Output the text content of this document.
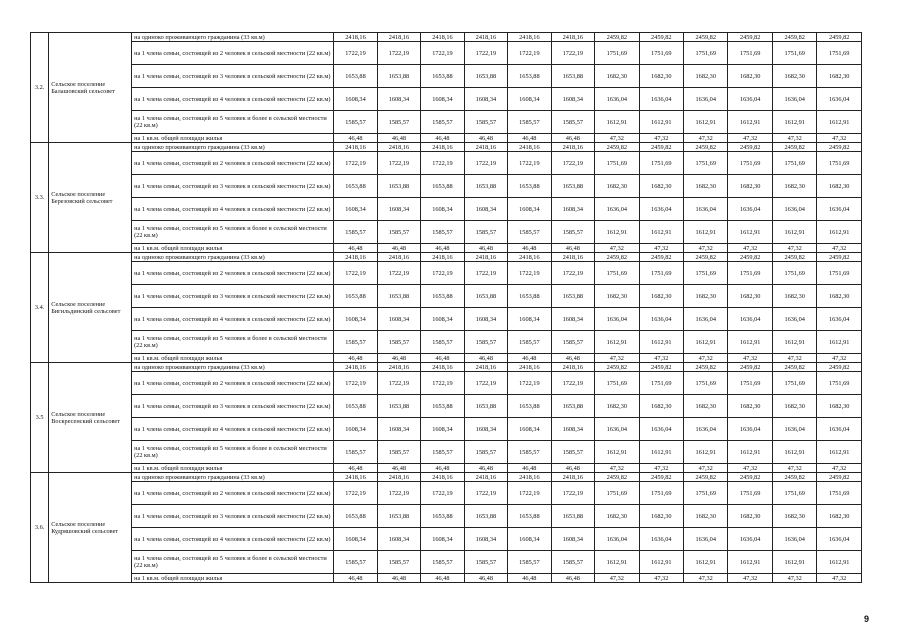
3.2.	Сельское поселение Балашовский сельсовет	на одиноко проживающего гражданина (33 кв.м)	2418,16	2418,16	2418,16	2418,16	2418,16	2418,16	2459,82	2459,82	2459,82	2459,82	2459,82	2459,82
		на 1 члена семьи, состоящей из 2 человек в сельской местности (22 кв.м)	1722,19	1722,19	1722,19	1722,19	1722,19	1722,19	1751,69	1751,69	1751,69	1751,69	1751,69	1751,69
		на 1 члена семьи, состоящей из 3 человек в сельской местности (22 кв.м)	1653,88	1653,88	1653,88	1653,88	1653,88	1653,88	1682,30	1682,30	1682,30	1682,30	1682,30	1682,30
		на 1 члена семьи, состоящей из 4 человек в сельской местности (22 кв.м)	1608,34	1608,34	1608,34	1608,34	1608,34	1608,34	1636,04	1636,04	1636,04	1636,04	1636,04	1636,04
		на 1 члена семьи, состоящей из 5 человек и более в сельской местности (22 кв.м)	1585,57	1585,57	1585,57	1585,57	1585,57	1585,57	1612,91	1612,91	1612,91	1612,91	1612,91	1612,91
		на 1 кв.м. общей площади жилья	46,48	46,48	46,48	46,48	46,48	46,48	47,32	47,32	47,32	47,32	47,32	47,32
3.3.	Сельское поселение Березовский сельсовет	на одиноко проживающего гражданина (33 кв.м)	2418,16	2418,16	2418,16	2418,16	2418,16	2418,16	2459,82	2459,82	2459,82	2459,82	2459,82	2459,82
		на 1 члена семьи, состоящей из 2 человек в сельской местности (22 кв.м)	1722,19	1722,19	1722,19	1722,19	1722,19	1722,19	1751,69	1751,69	1751,69	1751,69	1751,69	1751,69
		на 1 члена семьи, состоящей из 3 человек в сельской местности (22 кв.м)	1653,88	1653,88	1653,88	1653,88	1653,88	1653,88	1682,30	1682,30	1682,30	1682,30	1682,30	1682,30
		на 1 члена семьи, состоящей из 4 человек в сельской местности (22 кв.м)	1608,34	1608,34	1608,34	1608,34	1608,34	1608,34	1636,04	1636,04	1636,04	1636,04	1636,04	1636,04
		на 1 члена семьи, состоящей из 5 человек и более в сельской местности (22 кв.м)	1585,57	1585,57	1585,57	1585,57	1585,57	1585,57	1612,91	1612,91	1612,91	1612,91	1612,91	1612,91
		на 1 кв.м. общей площади жилья	46,48	46,48	46,48	46,48	46,48	46,48	47,32	47,32	47,32	47,32	47,32	47,32
3.4.	Сельское поселение Бигильдинский сельсовет	на одиноко проживающего гражданина (33 кв.м)	2418,16	2418,16	2418,16	2418,16	2418,16	2418,16	2459,82	2459,82	2459,82	2459,82	2459,82	2459,82
		на 1 члена семьи, состоящей из 2 человек в сельской местности (22 кв.м)	1722,19	1722,19	1722,19	1722,19	1722,19	1722,19	1751,69	1751,69	1751,69	1751,69	1751,69	1751,69
		на 1 члена семьи, состоящей из 3 человек в сельской местности (22 кв.м)	1653,88	1653,88	1653,88	1653,88	1653,88	1653,88	1682,30	1682,30	1682,30	1682,30	1682,30	1682,30
		на 1 члена семьи, состоящей из 4 человек в сельской местности (22 кв.м)	1608,34	1608,34	1608,34	1608,34	1608,34	1608,34	1636,04	1636,04	1636,04	1636,04	1636,04	1636,04
		на 1 члена семьи, состоящей из 5 человек и более в сельской местности (22 кв.м)	1585,57	1585,57	1585,57	1585,57	1585,57	1585,57	1612,91	1612,91	1612,91	1612,91	1612,91	1612,91
		на 1 кв.м. общей площади жилья	46,48	46,48	46,48	46,48	46,48	46,48	47,32	47,32	47,32	47,32	47,32	47,32
3.5	Сельское поселение Воскресенский сельсовет	на одиноко проживающего гражданина (33 кв.м)	2418,16	2418,16	2418,16	2418,16	2418,16	2418,16	2459,82	2459,82	2459,82	2459,82	2459,82	2459,82
		на 1 члена семьи, состоящей из 2 человек в сельской местности (22 кв.м)	1722,19	1722,19	1722,19	1722,19	1722,19	1722,19	1751,69	1751,69	1751,69	1751,69	1751,69	1751,69
		на 1 члена семьи, состоящей из 3 человек в сельской местности (22 кв.м)	1653,88	1653,88	1653,88	1653,88	1653,88	1653,88	1682,30	1682,30	1682,30	1682,30	1682,30	1682,30
		на 1 члена семьи, состоящей из 4 человек в сельской местности (22 кв.м)	1608,34	1608,34	1608,34	1608,34	1608,34	1608,34	1636,04	1636,04	1636,04	1636,04	1636,04	1636,04
		на 1 члена семьи, состоящей из 5 человек и более в сельской местности (22 кв.м)	1585,57	1585,57	1585,57	1585,57	1585,57	1585,57	1612,91	1612,91	1612,91	1612,91	1612,91	1612,91
		на 1 кв.м. общей площади жилья	46,48	46,48	46,48	46,48	46,48	46,48	47,32	47,32	47,32	47,32	47,32	47,32
3.6.	Сельское поселение Кудряшовский сельсовет	на одиноко проживающего гражданина (33 кв.м)	2418,16	2418,16	2418,16	2418,16	2418,16	2418,16	2459,82	2459,82	2459,82	2459,82	2459,82	2459,82
		на 1 члена семьи, состоящей из 2 человек в сельской местности (22 кв.м)	1722,19	1722,19	1722,19	1722,19	1722,19	1722,19	1751,69	1751,69	1751,69	1751,69	1751,69	1751,69
		на 1 члена семьи, состоящей из 3 человек в сельской местности (22 кв.м)	1653,88	1653,88	1653,88	1653,88	1653,88	1653,88	1682,30	1682,30	1682,30	1682,30	1682,30	1682,30
		на 1 члена семьи, состоящей из 4 человек в сельской местности (22 кв.м)	1608,34	1608,34	1608,34	1608,34	1608,34	1608,34	1636,04	1636,04	1636,04	1636,04	1636,04	1636,04
		на 1 члена семьи, состоящей из 5 человек и более в сельской местности (22 кв.м)	1585,57	1585,57	1585,57	1585,57	1585,57	1585,57	1612,91	1612,91	1612,91	1612,91	1612,91	1612,91
		на 1 кв.м. общей площади жилья	46,48	46,48	46,48	46,48	46,48	46,48	47,32	47,32	47,32	47,32	47,32	47,32
9
